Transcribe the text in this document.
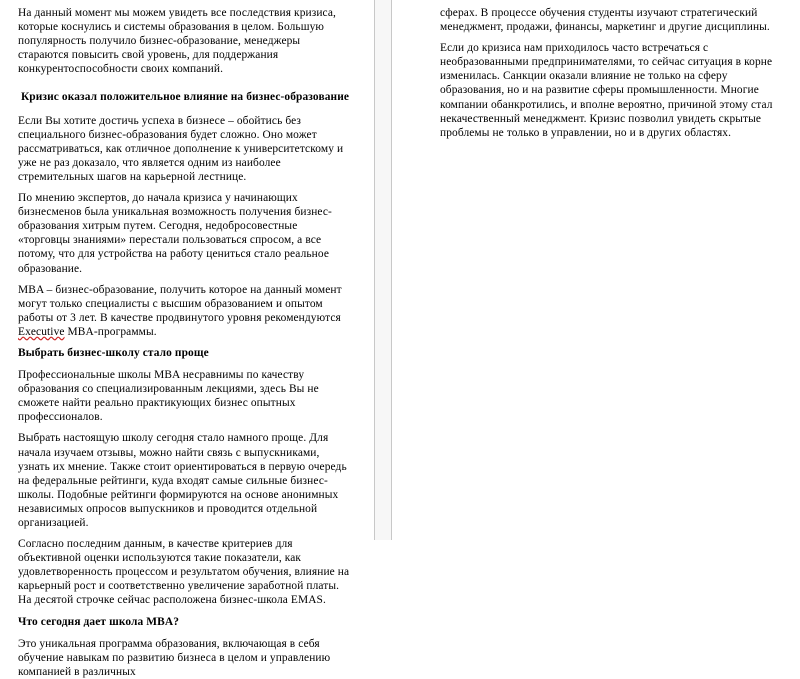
На данный момент мы можем увидеть все последствия кризиса, которые коснулись и системы образования в целом. Большую популярность получило бизнес-образование, менеджеры стараются повысить свой уровень, для поддержания конкурентоспособности своих компаний.

Кризис оказал положительное влияние на бизнес-образование

Если Вы хотите достичь успеха в бизнесе – обойтись без специального бизнес-образования будет сложно. Оно может рассматриваться, как отличное дополнение к университетскому и уже не раз доказало, что является одним из наиболее стремительных шагов на карьерной лестнице.

По мнению экспертов, до начала кризиса у начинающих бизнесменов была уникальная возможность получения бизнес-образования хитрым путем. Сегодня, недобросовестные «торговцы знаниями» перестали пользоваться спросом, а все потому, что для устройства на работу цениться стало реальное образование.

MBA – бизнес-образование, получить которое на данный момент могут только специалисты с высшим образованием и опытом работы от 3 лет. В качестве продвинутого уровня рекомендуются Executive MBA-программы.

Выбрать бизнес-школу стало проще

Профессиональные школы MBA несравнимы по качеству образования со специализированным лекциями, здесь Вы не сможете найти реально практикующих бизнес опытных профессионалов.

Выбрать настоящую школу сегодня стало намного проще. Для начала изучаем отзывы, можно найти связь с выпускниками, узнать их мнение. Также стоит ориентироваться в первую очередь на федеральные рейтинги, куда входят самые сильные бизнес-школы. Подобные рейтинги формируются на основе анонимных независимых опросов выпускников и проводится отдельной организацией.

Согласно последним данным, в качестве критериев для объективной оценки используются такие показатели, как удовлетворенность процессом и результатом обучения, влияние на карьерный рост и соответственно увеличение заработной платы. На десятой строчке сейчас расположена бизнес-школа EMAS.

Что сегодня дает школа MBA?

Это уникальная программа образования, включающая в себя обучение навыкам по развитию бизнеса в целом и управлению компанией в различных

сферах. В процессе обучения студенты изучают стратегический менеджмент, продажи, финансы, маркетинг и другие дисциплины.

Если до кризиса нам приходилось часто встречаться с необразованными предпринимателями, то сейчас ситуация в корне изменилась. Санкции оказали влияние не только на сферу образования, но и на развитие сферы промышленности. Многие компании обанкротились, и вполне вероятно, причиной этому стал некачественный менеджмент. Кризис позволил увидеть скрытые проблемы не только в управлении, но и в других областях.
